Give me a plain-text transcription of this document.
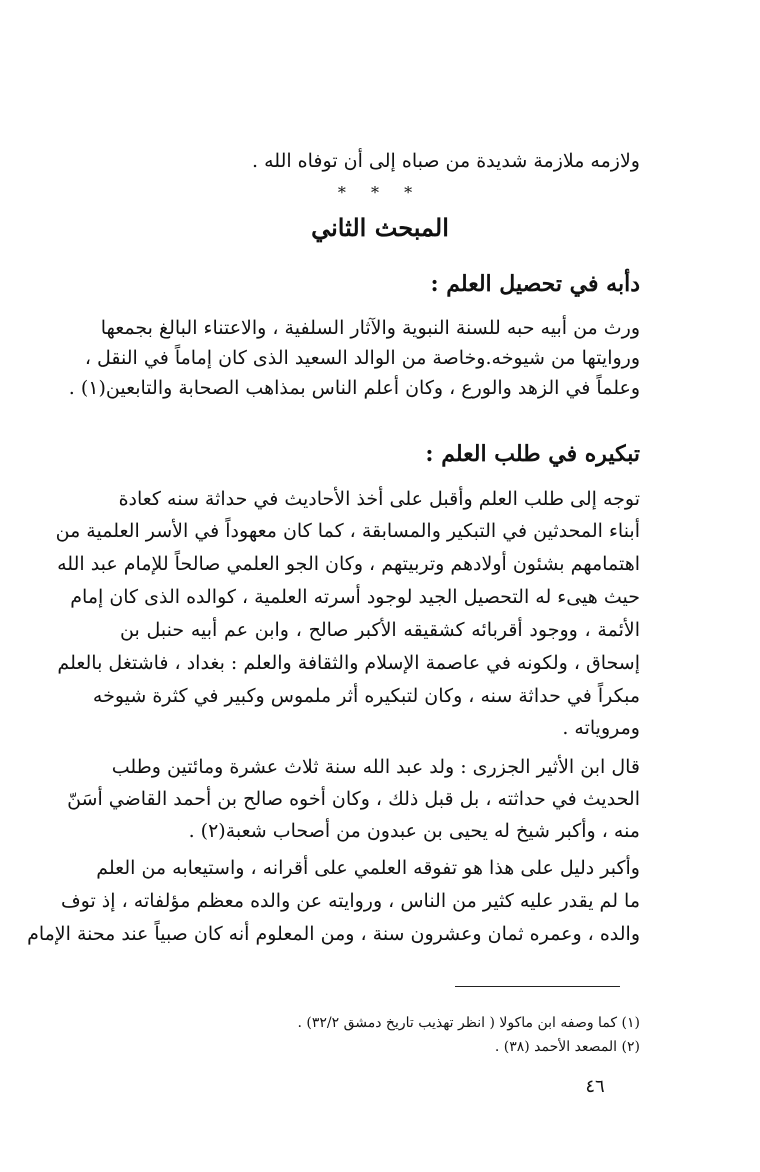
ولازمه ملازمة شديدة من صباه إلى أن توفاه الله .
* * *
المبحث الثاني
دأبه في تحصيل العلم :
ورث من أبيه حبه للسنة النبوية والآثار السلفية ، والاعتناء البالغ بجمعها
وروايتها من شيوخه.وخاصة من الوالد السعيد الذى كان إماماً في النقل ،
وعلماً في الزهد والورع ، وكان أعلم الناس بمذاهب الصحابة والتابعين(١) .
تبكيره في طلب العلم :
توجه إلى طلب العلم وأقبل على أخذ الأحاديث في حداثة سنه كعادة
أبناء المحدثين في التبكير والمسابقة ، كما كان معهوداً في الأسر العلمية من
اهتمامهم بشئون أولادهم وتربيتهم ، وكان الجو العلمي صالحاً للإمام عبد الله
حيث هيىء له التحصيل الجيد لوجود أسرته العلمية ، كوالده الذى كان إمام
الأئمة ، ووجود أقربائه كشقيقه الأكبر صالح ، وابن عم أبيه حنبل بن
إسحاق ، ولكونه في عاصمة الإسلام والثقافة والعلم : بغداد ، فاشتغل بالعلم
مبكراً في حداثة سنه ، وكان لتبكيره أثر ملموس وكبير في كثرة شيوخه
ومروياته .
قال ابن الأثير الجزرى : ولد عبد الله سنة ثلاث عشرة ومائتين وطلب
الحديث في حداثته ، بل قبل ذلك ، وكان أخوه صالح بن أحمد القاضي أسَنّ
منه ، وأكبر شيخ له يحيى بن عبدون من أصحاب شعبة(٢) .
وأكبر دليل على هذا هو تفوقه العلمي على أقرانه ، واستيعابه من العلم
ما لم يقدر عليه كثير من الناس ، وروايته عن والده معظم مؤلفاته ، إذ توف
والده ، وعمره ثمان وعشرون سنة ، ومن المعلوم أنه كان صبياً عند محنة الإمام
(١) كما وصفه ابن ماكولا ( انظر تهذيب تاريخ دمشق ٣٢/٢) .
(٢) المصعد الأحمد (٣٨) .
٤٦
